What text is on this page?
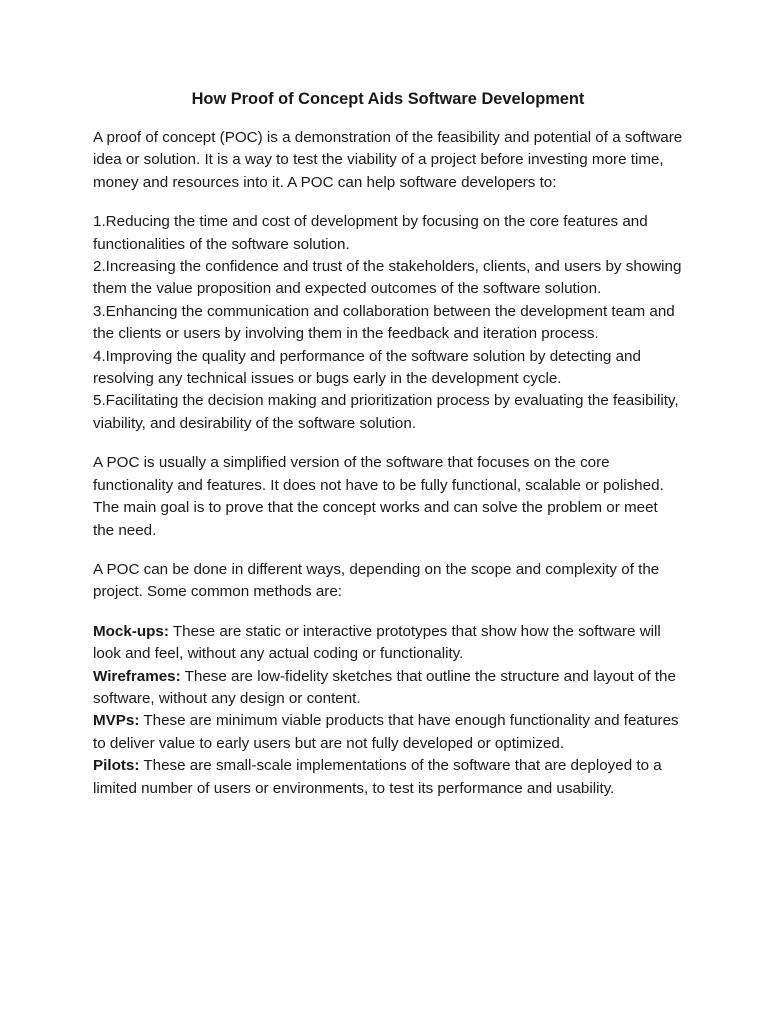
How Proof of Concept Aids Software Development

A proof of concept (POC) is a demonstration of the feasibility and potential of a software idea or solution. It is a way to test the viability of a project before investing more time, money and resources into it. A POC can help software developers to:

1.Reducing the time and cost of development by focusing on the core features and functionalities of the software solution.

2.Increasing the confidence and trust of the stakeholders, clients, and users by showing them the value proposition and expected outcomes of the software solution.

3.Enhancing the communication and collaboration between the development team and the clients or users by involving them in the feedback and iteration process.

4.Improving the quality and performance of the software solution by detecting and resolving any technical issues or bugs early in the development cycle.

5.Facilitating the decision making and prioritization process by evaluating the feasibility, viability, and desirability of the software solution.

A POC is usually a simplified version of the software that focuses on the core functionality and features. It does not have to be fully functional, scalable or polished. The main goal is to prove that the concept works and can solve the problem or meet the need.

A POC can be done in different ways, depending on the scope and complexity of the project. Some common methods are:

Mock-ups: These are static or interactive prototypes that show how the software will look and feel, without any actual coding or functionality.

Wireframes: These are low-fidelity sketches that outline the structure and layout of the software, without any design or content.

MVPs: These are minimum viable products that have enough functionality and features to deliver value to early users but are not fully developed or optimized.

Pilots: These are small-scale implementations of the software that are deployed to a limited number of users or environments, to test its performance and usability.
